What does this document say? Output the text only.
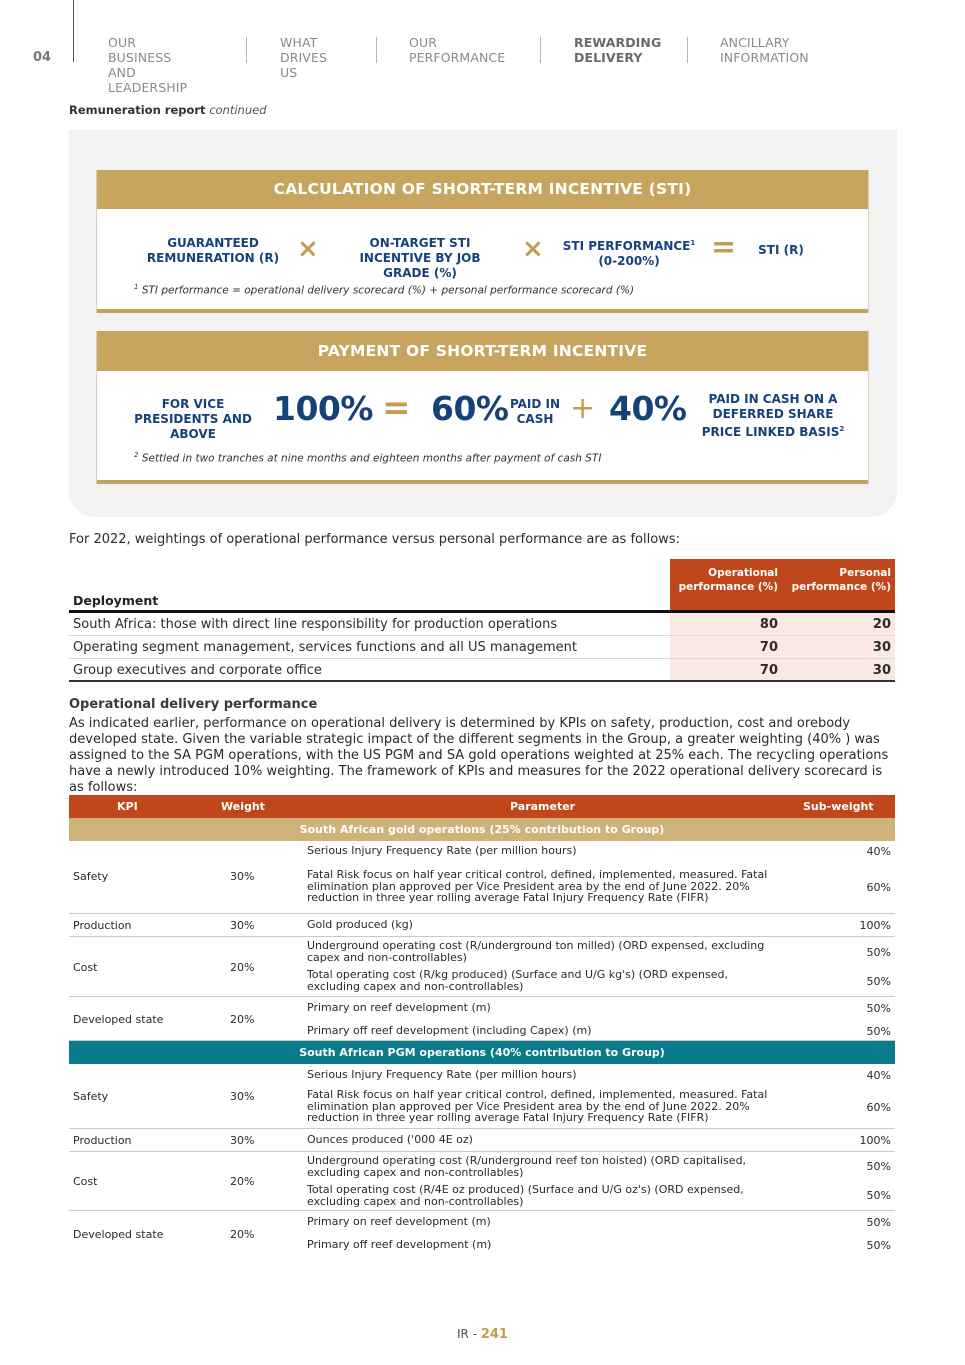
04
OUR BUSINESS
AND LEADERSHIP
WHAT
DRIVES US
OUR
PERFORMANCE
REWARDING
DELIVERY
ANCILLARY
INFORMATION
Remuneration report continued
CALCULATION OF SHORT-TERM INCENTIVE (STI)
GUARANTEED REMUNERATION (R) ×	ON-TARGET STI INCENTIVE BY JOB GRADE (%)
×	STI PERFORMANCE$^1$
(0-200%)	=	STI (R)
$^1$ STI performance = operational delivery scorecard (%) + personal performance scorecard (%)
PAYMENT OF SHORT-TERM INCENTIVE
FOR VICE PRESIDENTS AND ABOVE
100% = 60% PAID IN CASH + 40%	PAID IN CASH ON A DEFERRED SHARE PRICE LINKED BASIS$^2$
$^2$ Settled in two tranches at nine months and eighteen months after payment of cash STI
For 2022, weightings of operational performance versus personal performance are as follows:
Deployment
Operational performance (%)
Personal performance (%)
South Africa: those with direct line responsibility for production operations	80	20
Operating segment management, services functions and all US management	70	30
Group executives and corporate office	70	30
Operational delivery performance
As indicated earlier, performance on operational delivery is determined by KPIs on safety, production, cost and orebody developed state. Given the variable strategic impact of the different segments in the Group, a greater weighting (40% ) was assigned to the SA PGM operations, with the US PGM and SA gold operations weighted at 25% each. The recycling operations have a newly introduced 10% weighting. The framework of KPIs and measures for the 2022 operational delivery scorecard is as follows:
KPI	Weight	Parameter	Sub-weight
South African gold operations (25% contribution to Group)
Safety	30%
Serious Injury Frequency Rate (per million hours)	40%
Fatal Risk focus on half year critical control, defined, implemented, measured. Fatal elimination plan approved per Vice President area by the end of June 2022. 20% reduction in three year rolling average Fatal Injury Frequency Rate (FIFR)
60%
Production	30%	Gold produced (kg)	100%
Cost	20%
Underground operating cost (R/underground ton milled) (ORD expensed, excluding capex and non-controllables)	50%
Total operating cost (R/kg produced) (Surface and U/G kg's) (ORD expensed, excluding capex and non-controllables)	50%
Developed state	20%
Primary on reef development (m)	50%
Primary off reef development (including Capex) (m)	50%
South African PGM operations (40% contribution to Group)
Safety	30%
Serious Injury Frequency Rate (per million hours)	40%
Fatal Risk focus on half year critical control, defined, implemented, measured. Fatal elimination plan approved per Vice President area by the end of June 2022. 20% reduction in three year rolling average Fatal Injury Frequency Rate (FIFR)
60%
Production	30%	Ounces produced ('000 4E oz)	100%
Cost	20%
Underground operating cost (R/underground reef ton hoisted) (ORD capitalised, excluding capex and non-controllables)	50%
Total operating cost (R/4E oz produced) (Surface and U/G oz's) (ORD expensed, excluding capex and non-controllables)	50%
Developed state	20%
Primary on reef development (m)	50%
Primary off reef development (m)	50%
IR - 241
